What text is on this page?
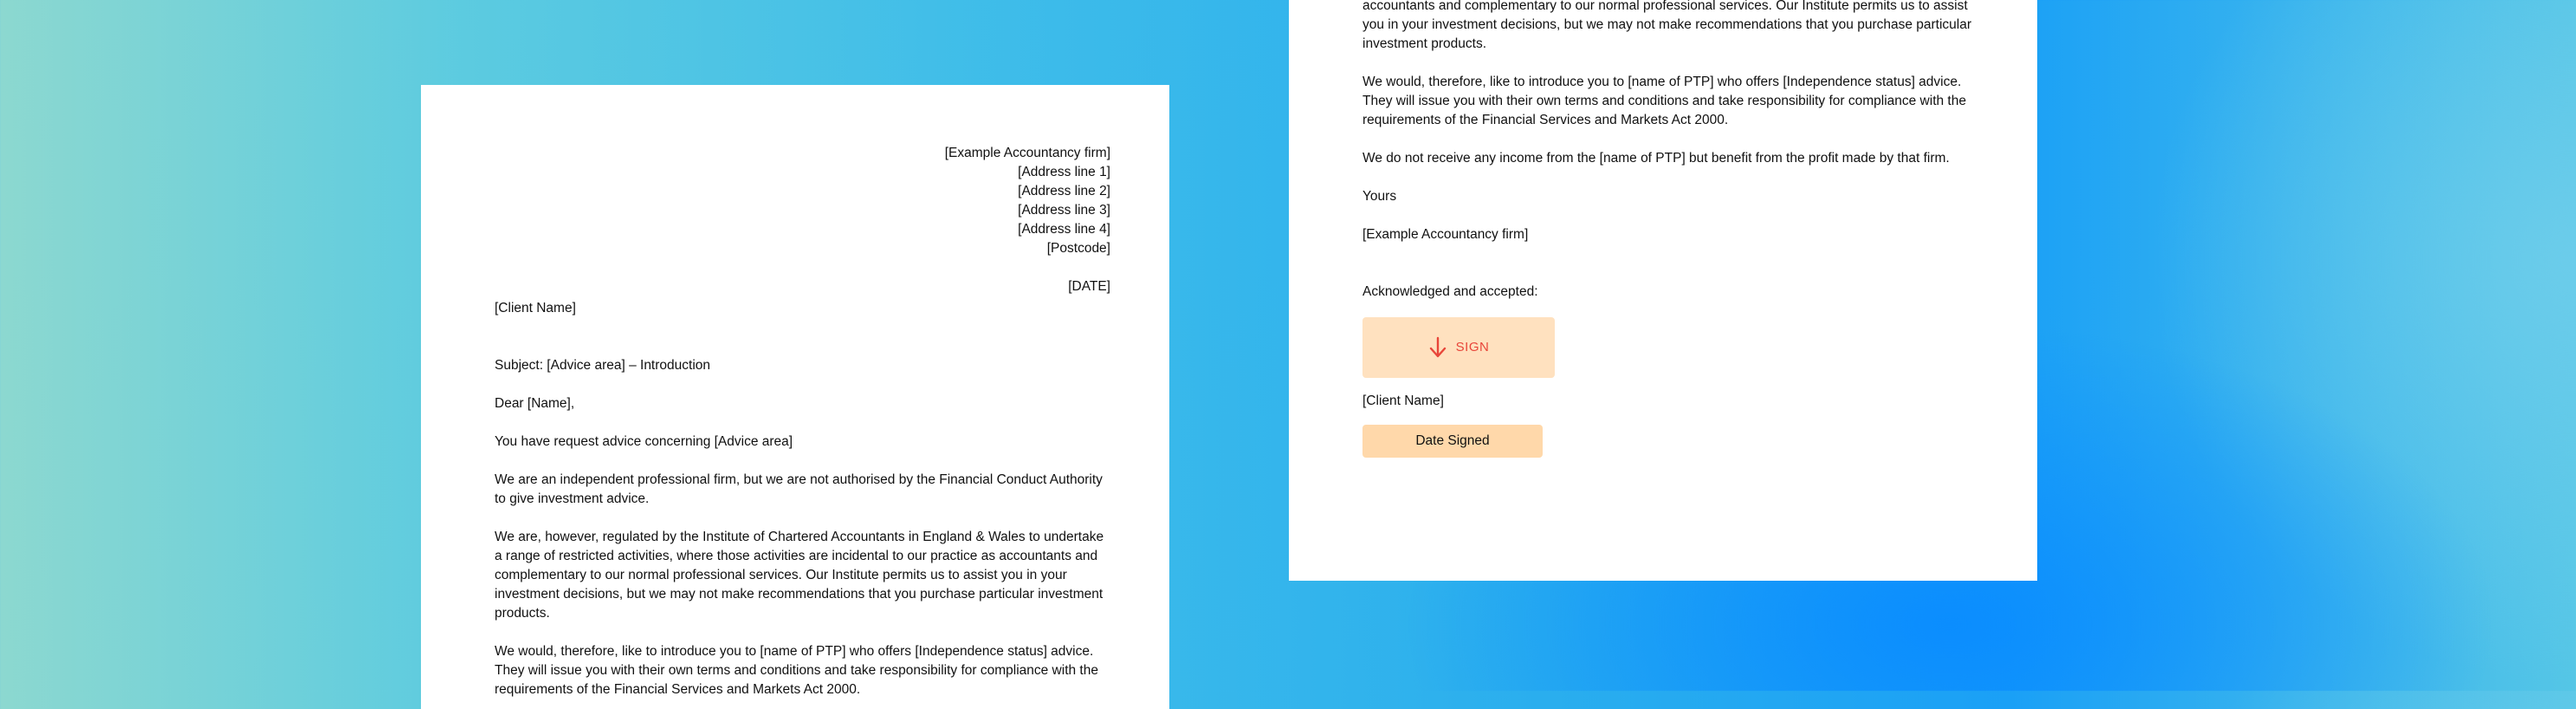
[Example Accountancy firm]

[Address line 1]

[Address line 2]

[Address line 3]

[Address line 4]

[Postcode]

[DATE]

[Client Name]

Subject: [Advice area] – Introduction

Dear [Name],

You have request advice concerning [Advice area]

We are an independent professional firm, but we are not authorised by the Financial Conduct Authority to give investment advice.

We are, however, regulated by the Institute of Chartered Accountants in England & Wales to undertake a range of restricted activities, where those activities are incidental to our practice as accountants and complementary to our normal professional services. Our Institute permits us to assist you in your investment decisions, but we may not make recommendations that you purchase particular investment products.

We would, therefore, like to introduce you to [name of PTP] who offers [Independence status] advice. They will issue you with their own terms and conditions and take responsibility for compliance with the requirements of the Financial Services and Markets Act 2000.

accountants and complementary to our normal professional services. Our Institute permits us to assist you in your investment decisions, but we may not make recommendations that you purchase particular investment products.

We would, therefore, like to introduce you to [name of PTP] who offers [Independence status] advice. They will issue you with their own terms and conditions and take responsibility for compliance with the requirements of the Financial Services and Markets Act 2000.

We do not receive any income from the [name of PTP] but benefit from the profit made by that firm.

Yours

[Example Accountancy firm]

Acknowledged and accepted:

SIGN

[Client Name]

Date Signed
